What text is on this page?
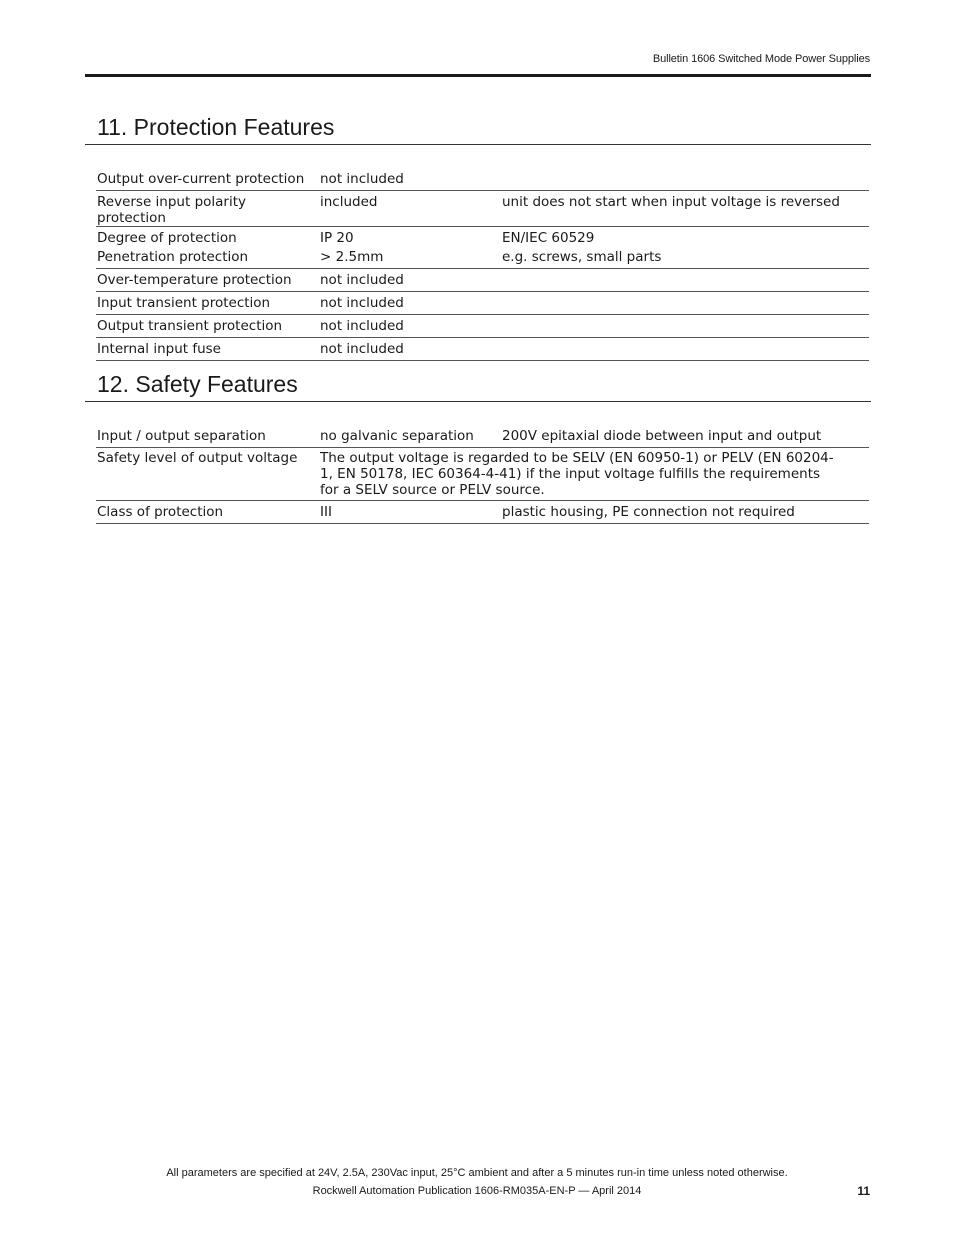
Bulletin 1606 Switched Mode Power Supplies
11. Protection Features
Output over-current protection	not included	
Reverse input polarity protection	included	unit does not start when input voltage is reversed
Degree of protection	IP 20	EN/IEC 60529
Penetration protection	> 2.5mm	e.g. screws, small parts
Over-temperature protection	not included	
Input transient protection	not included	
Output transient protection	not included	
Internal input fuse	not included	
12. Safety Features
Input / output separation	no galvanic separation	200V epitaxial diode between input and output
Safety level of output voltage	The output voltage is regarded to be SELV (EN 60950-1) or PELV (EN 60204-1, EN 50178, IEC 60364-4-41) if the input voltage fulfills the requirements for a SELV source or PELV source.	
Class of protection	III	plastic housing, PE connection not required
All parameters are specified at 24V, 2.5A, 230Vac input, 25°C ambient and after a 5 minutes run-in time unless noted otherwise.
Rockwell Automation Publication 1606-RM035A-EN-P — April 2014	11
